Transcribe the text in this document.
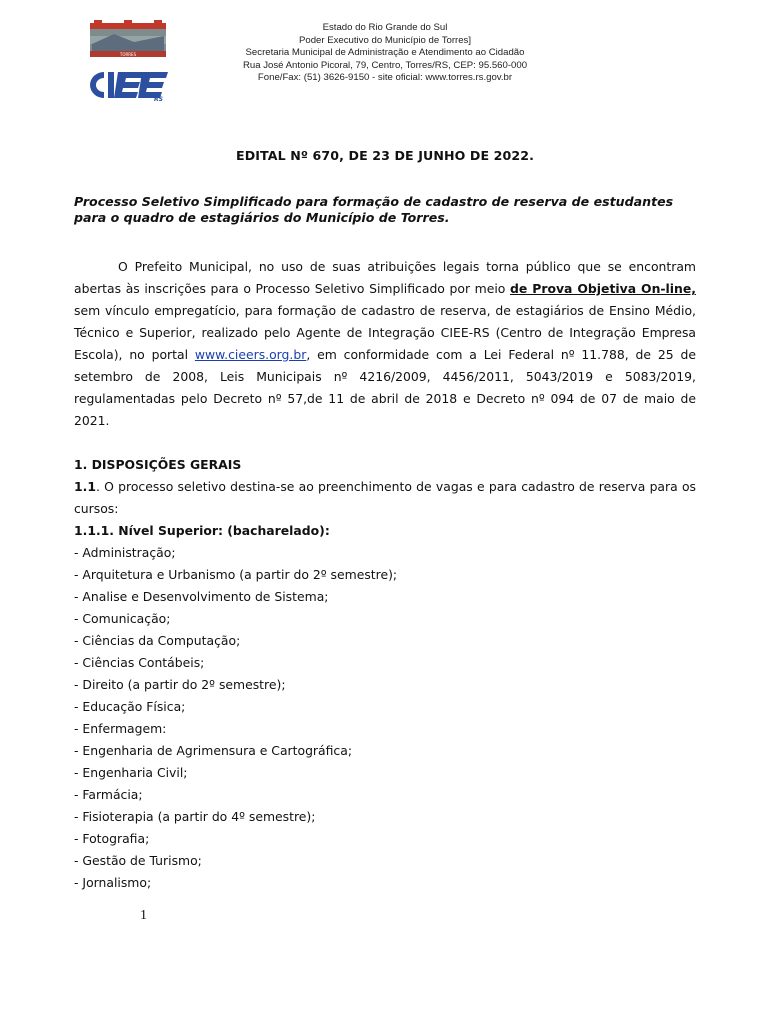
TORRES
RS
Estado do Rio Grande do Sul
Poder Executivo do Município de Torres]
Secretaria Municipal de Administração e Atendimento ao Cidadão
Rua José Antonio Picoral, 79, Centro, Torres/RS, CEP: 95.560-000
Fone/Fax: (51) 3626-9150 - site oficial: www.torres.rs.gov.br
EDITAL Nº 670, DE 23 DE JUNHO DE 2022.
Processo Seletivo Simplificado para formação de cadastro de reserva de estudantes para o quadro de estagiários do Município de Torres.
O Prefeito Municipal, no uso de suas atribuições legais torna público que se encontram abertas às inscrições para o Processo Seletivo Simplificado por meio de Prova Objetiva On-line, sem vínculo empregatício, para formação de cadastro de reserva, de estagiários de Ensino Médio, Técnico e Superior, realizado pelo Agente de Integração CIEE-RS (Centro de Integração Empresa Escola), no portal www.cieers.org.br, em conformidade com a Lei Federal nº 11.788, de 25 de setembro de 2008, Leis Municipais nº 4216/2009, 4456/2011, 5043/2019 e 5083/2019, regulamentadas pelo Decreto nº 57,de 11 de abril de 2018 e Decreto nº 094 de 07 de maio de 2021.
1. DISPOSIÇÕES GERAIS
1.1. O processo seletivo destina-se ao preenchimento de vagas e para cadastro de reserva para os cursos:
1.1.1. Nível Superior: (bacharelado):
- Administração;
- Arquitetura e Urbanismo (a partir do 2º semestre);
- Analise e Desenvolvimento de Sistema;
- Comunicação;
- Ciências da Computação;
- Ciências Contábeis;
- Direito (a partir do 2º semestre);
- Educação Física;
- Enfermagem:
- Engenharia de Agrimensura e Cartográfica;
- Engenharia Civil;
- Farmácia;
- Fisioterapia (a partir do 4º semestre);
- Fotografia;
- Gestão de Turismo;
- Jornalismo;
1
